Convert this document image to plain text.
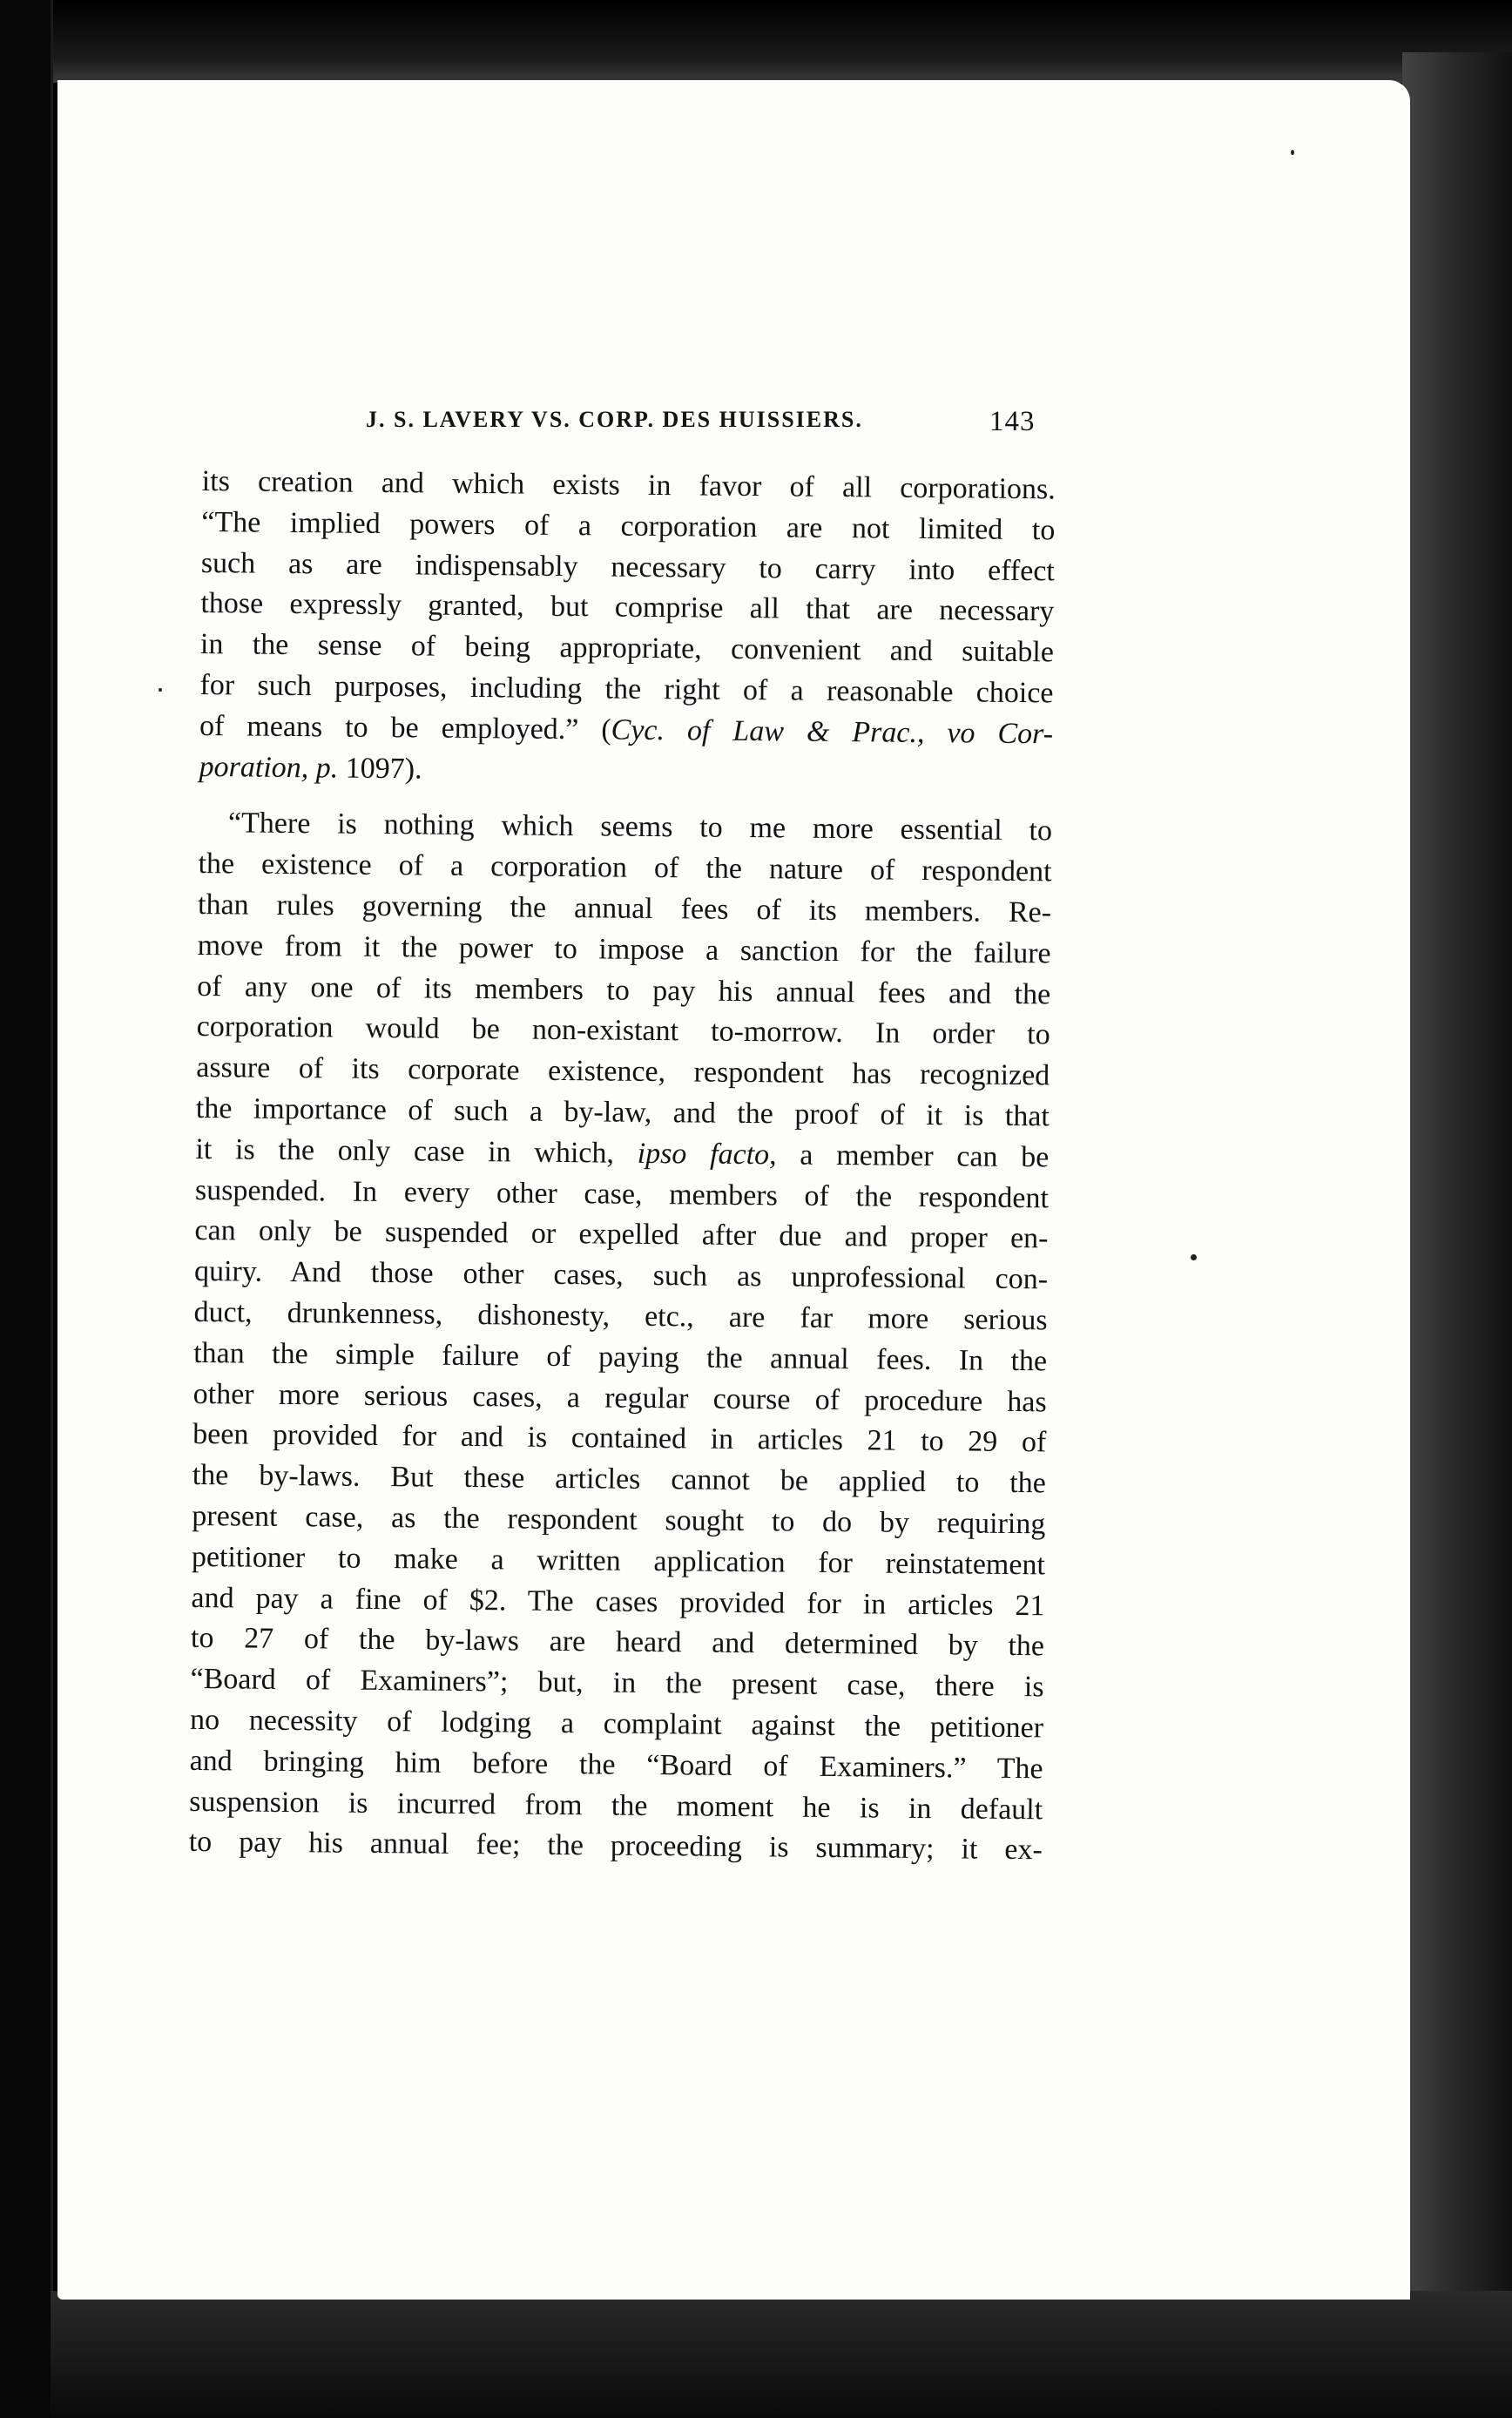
J. S. LAVERY VS. CORP. DES HUISSIERS.	143
its creation and which exists in favor of all corporations.
“The implied powers of a corporation are not limited to
such as are indispensably necessary to carry into effect
those expressly granted, but comprise all that are necessary
in the sense of being appropriate, convenient and suitable
for such purposes, including the right of a reasonable choice
of means to be employed.” (Cyc. of Law & Prac., vo Cor-
poration, p. 1097).
“There is nothing which seems to me more essential to
the existence of a corporation of the nature of respondent
than rules governing the annual fees of its members. Re-
move from it the power to impose a sanction for the failure
of any one of its members to pay his annual fees and the
corporation would be non-existant to-morrow. In order to
assure of its corporate existence, respondent has recognized
the importance of such a by-law, and the proof of it is that
it is the only case in which, ipso facto, a member can be
suspended. In every other case, members of the respondent
can only be suspended or expelled after due and proper en-
quiry. And those other cases, such as unprofessional con-
duct, drunkenness, dishonesty, etc., are far more serious
than the simple failure of paying the annual fees. In the
other more serious cases, a regular course of procedure has
been provided for and is contained in articles 21 to 29 of
the by-laws. But these articles cannot be applied to the
present case, as the respondent sought to do by requiring
petitioner to make a written application for reinstatement
and pay a fine of $2. The cases provided for in articles 21
to 27 of the by-laws are heard and determined by the
“Board of Examiners”; but, in the present case, there is
no necessity of lodging a complaint against the petitioner
and bringing him before the “Board of Examiners.” The
suspension is incurred from the moment he is in default
to pay his annual fee; the proceeding is summary; it ex-
